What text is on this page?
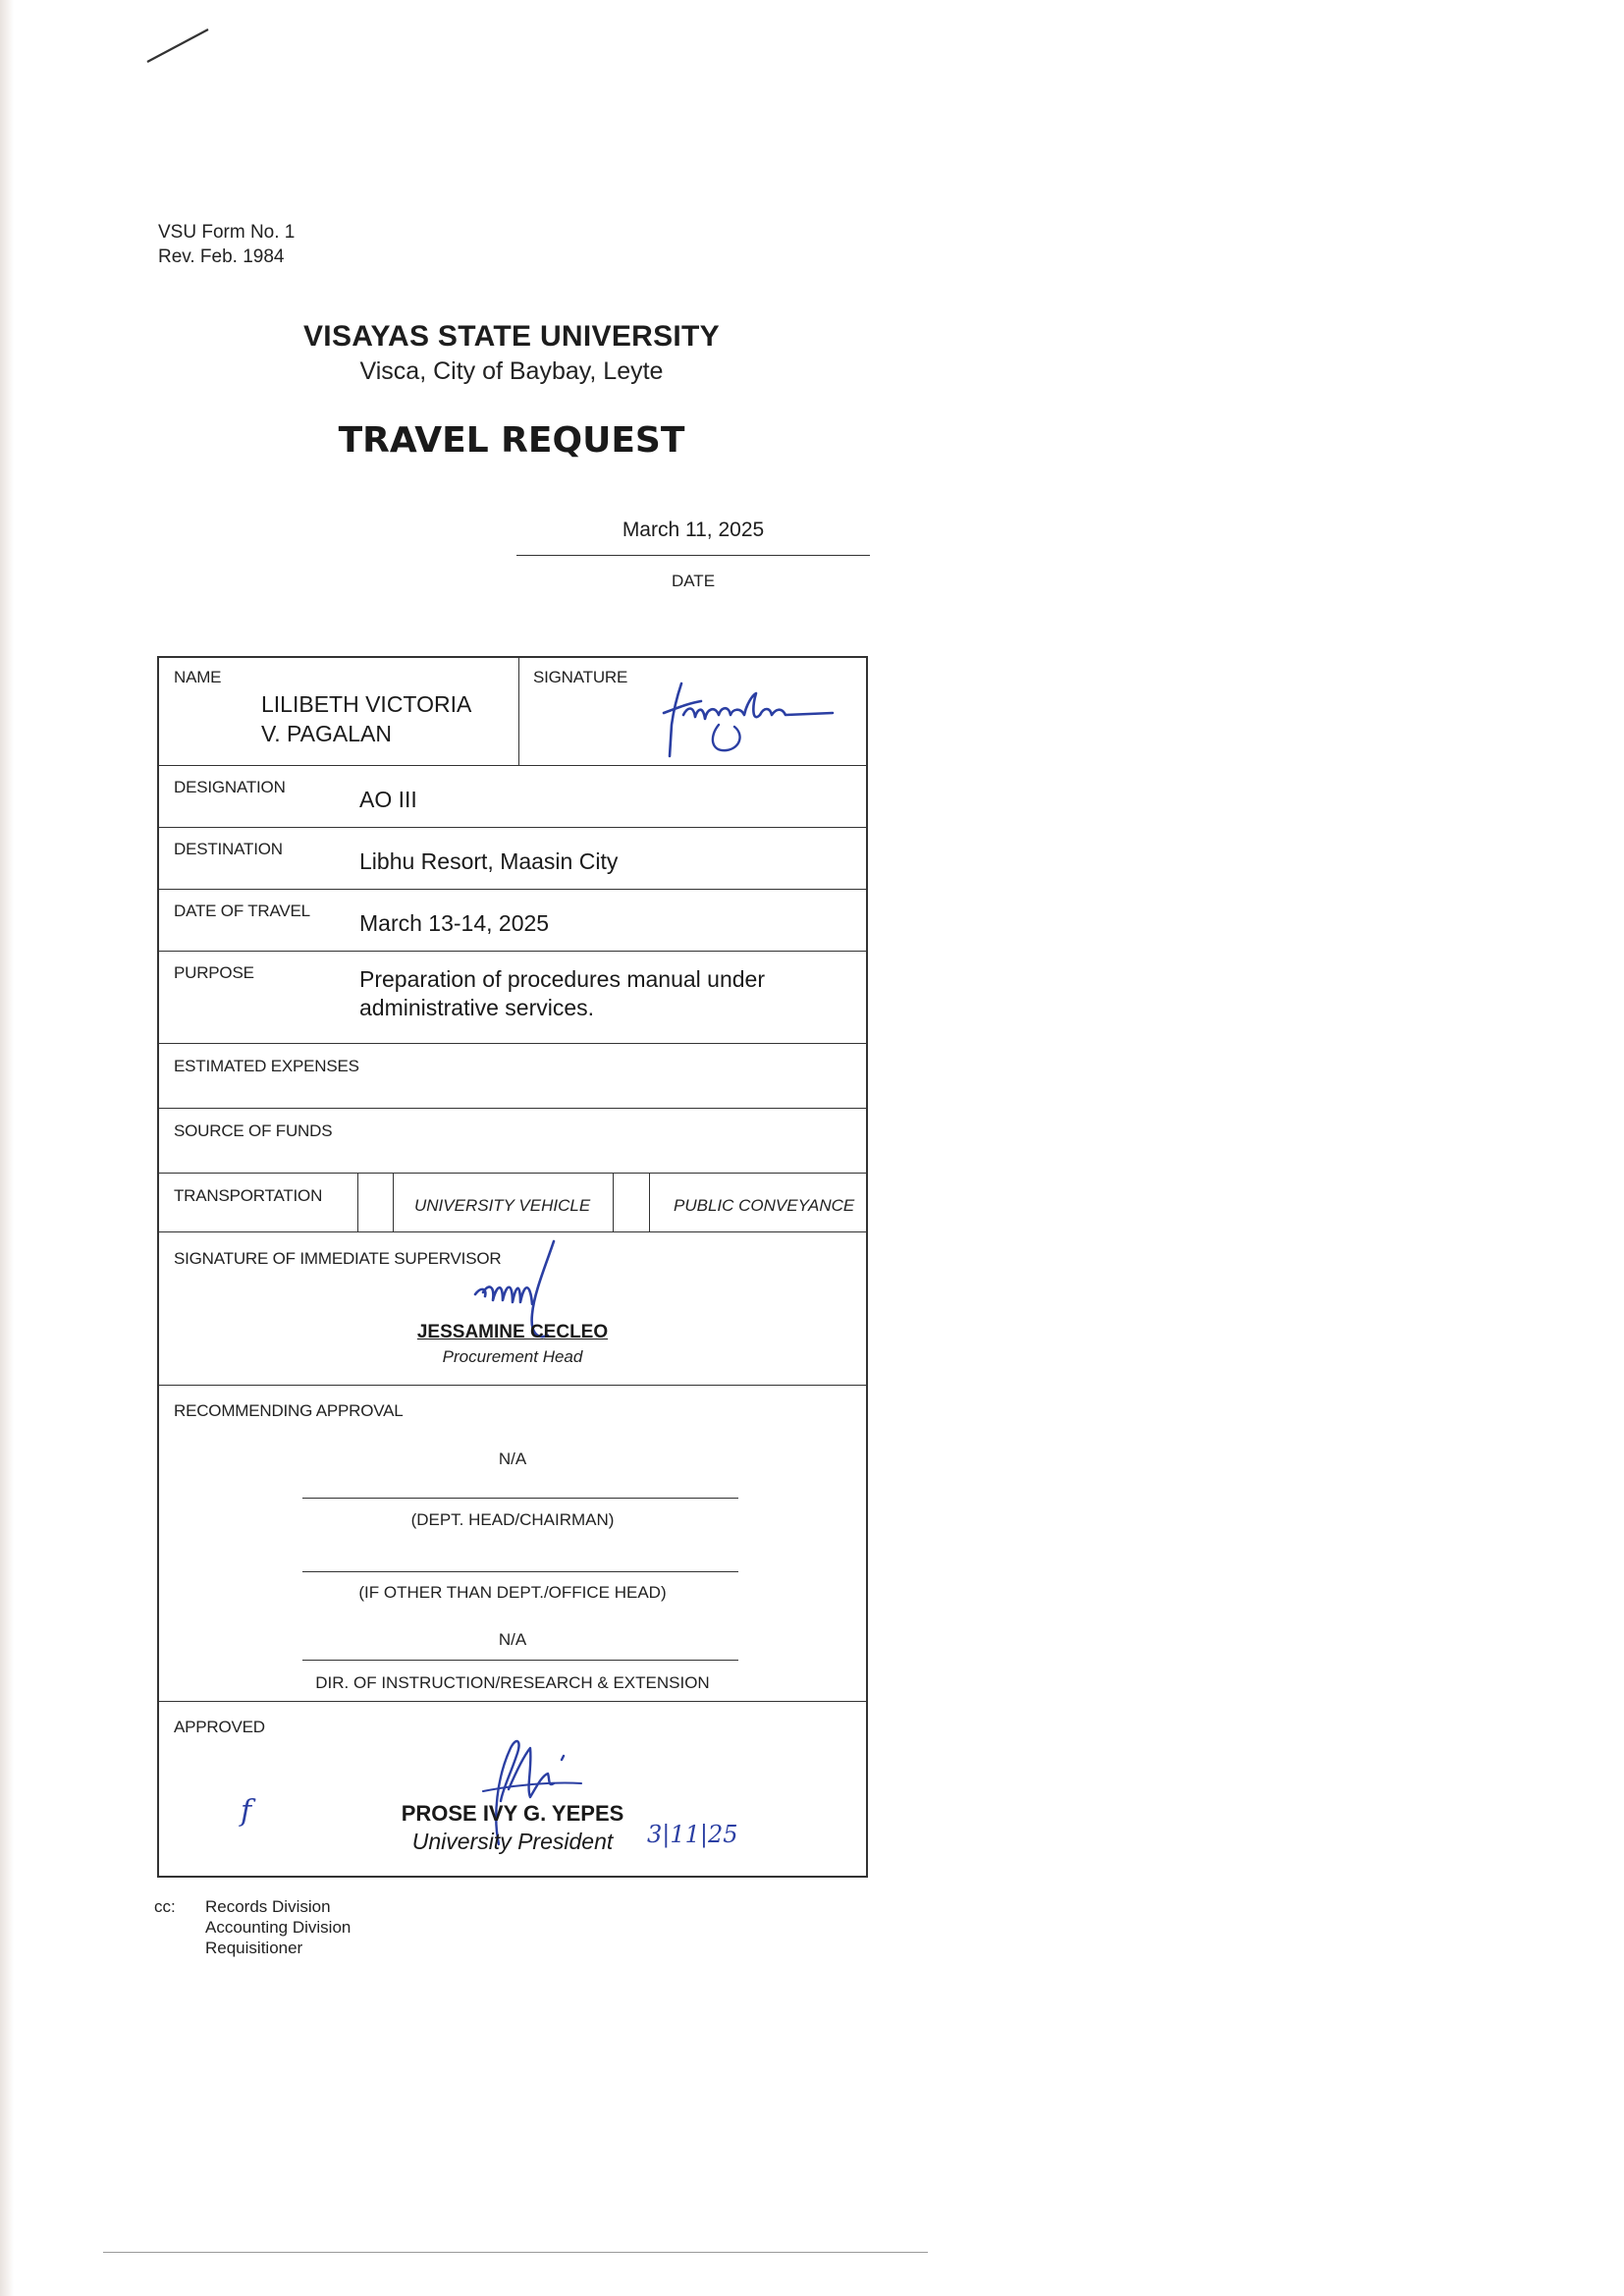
VSU Form No. 1
Rev. Feb. 1984
VISAYAS STATE UNIVERSITY
Visca, City of Baybay, Leyte
TRAVEL REQUEST
March 11, 2025
DATE
NAME
LILIBETH VICTORIA
V. PAGALAN
SIGNATURE
DESIGNATION	AO III
DESTINATION	Libhu Resort, Maasin City
DATE OF TRAVEL March 13-14, 2025
PURPOSE	Preparation of procedures manual under
administrative services.
ESTIMATED EXPENSES
SOURCE OF FUNDS
TRANSPORTATION
UNIVERSITY VEHICLE	PUBLIC CONVEYANCE
SIGNATURE OF IMMEDIATE SUPERVISOR
JESSAMINE CECLEO
Procurement Head
RECOMMENDING APPROVAL
N/A
(DEPT. HEAD/CHAIRMAN)
(IF OTHER THAN DEPT./OFFICE HEAD)
N/A
DIR. OF INSTRUCTION/RESEARCH & EXTENSION
APPROVED
f	PROSE IVY G. YEPES
University President	3|11|25
cc: Records Division
Accounting Division
Requisitioner
